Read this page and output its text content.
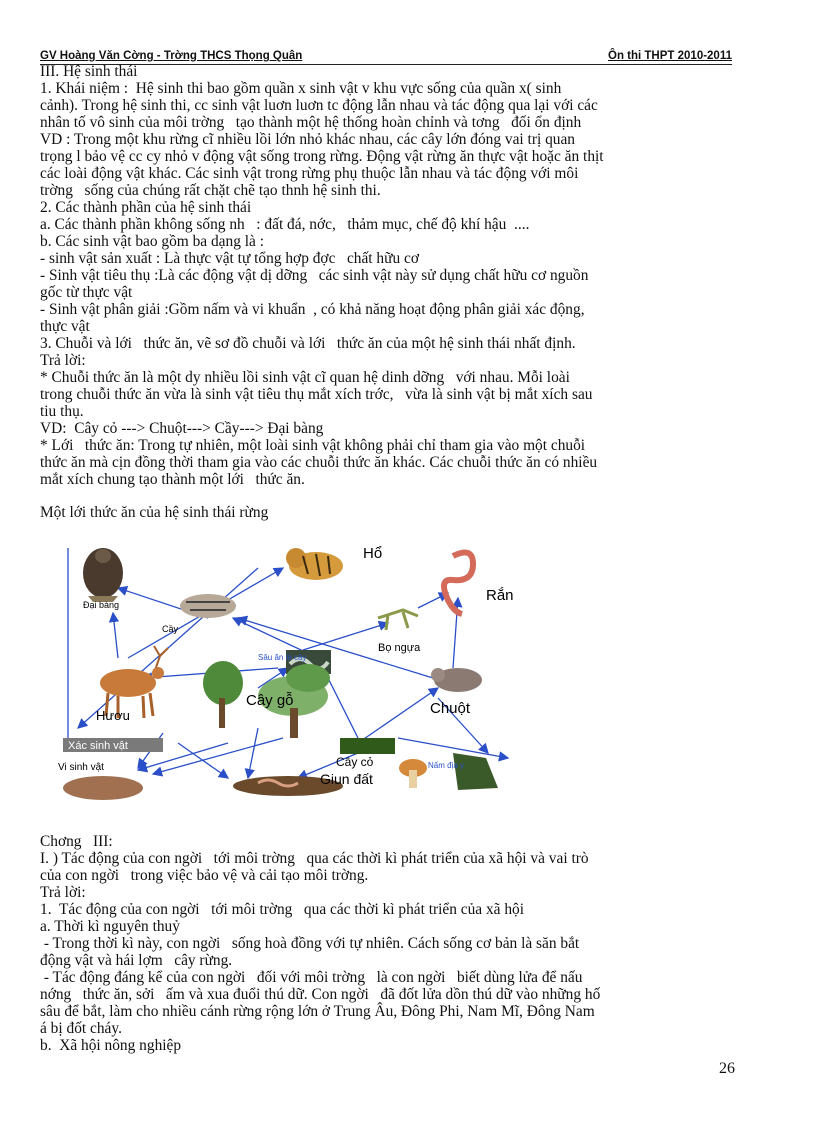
GV Hoàng Văn Cờng - Trờng THCS Thọng Quân	Ôn thi THPT 2010-2011

III. Hệ sinh thái

1. Khái niệm :  Hệ sinh thi bao gồm quần x sinh vật v khu vực sống của quần x( sinh

cảnh). Trong hệ sinh thi, cc sinh vật luơn luơn tc động lẫn nhau và tác động qua lại với các

nhân tố vô sinh của môi trờng   tạo thành một hệ thống hoàn chỉnh và tơng   đối ổn định

VD : Trong một khu rừng cĩ nhiều lồi lớn nhỏ khác nhau, các cây lớn đóng vai trị quan

trọng l bảo vệ cc cy nhỏ v động vật sống trong rừng. Động vật rừng ăn thực vật hoặc ăn thịt

các loài động vật khác. Các sinh vật trong rừng phụ thuộc lẫn nhau và tác động với môi

trờng   sống của chúng rất chặt chẽ tạo thnh hệ sinh thi.

2. Các thành phần của hệ sinh thái

a. Các thành phần không sống nh   : đất đá, nớc,   thảm mục, chế độ khí hậu  ....

b. Các sinh vật bao gồm ba dạng là :

- sinh vật sản xuất : Là thực vật tự tổng hợp đợc   chất hữu cơ

- Sinh vật tiêu thụ :Là các động vật dị dỡng   các sinh vật này sử dụng chất hữu cơ nguồn

gốc từ thực vật

- Sinh vật phân giải :Gồm nấm và vi khuẩn  , có khả năng hoạt động phân giải xác động,

thực vật

3. Chuỗi và lới   thức ăn, vẽ sơ đồ chuỗi và lới   thức ăn của một hệ sinh thái nhất định.

Trả lời:

* Chuỗi thức ăn là một dy nhiều lồi sinh vật cĩ quan hệ dinh dỡng   với nhau. Mỗi loài

trong chuỗi thức ăn vừa là sinh vật tiêu thụ mắt xích trớc,   vừa là sinh vật bị mắt xích sau

tiu thụ.

VD:  Cây cỏ ---> Chuột---> Cầy---> Đại bàng

* Lới   thức ăn: Trong tự nhiên, một loài sinh vật không phải chỉ tham gia vào một chuỗi

thức ăn mà cịn đồng thời tham gia vào các chuỗi thức ăn khác. Các chuỗi thức ăn có nhiều

mắt xích chung tạo thành một lới   thức ăn.

Một lới thức ăn của hệ sinh thái rừng
Đại bàng
Hổ
Rắn
Cầy
Bọ ngựa
Sâu ăn lá cây
Hươu
Cây gỗ	Chuột
Cây cỏ
Xác sinh vật
Vi sinh vật
Giun đất
Nấm địa y

Chơng   III:

I. ) Tác động của con ngời   tới môi trờng   qua các thời kì phát triển của xã hội và vai trò

của con ngời   trong việc bảo vệ và cải tạo môi trờng.

Trả lời:

1.  Tác động của con ngời   tới môi trờng   qua các thời kì phát triển của xã hội

a. Thời kì nguyên thuỷ

- Trong thời kì này, con ngời   sống hoà đồng với tự nhiên. Cách sống cơ bản là săn bắt

động vật và hái lợm   cây rừng.

- Tác động đáng kể của con ngời   đối với môi trờng   là con ngời   biết dùng lửa để nấu

nớng   thức ăn, sởi   ấm và xua đuổi thú dữ. Con ngời   đã đốt lửa dồn thú dữ vào những hố

sâu để bắt, làm cho nhiều cánh rừng rộng lớn ở Trung Âu, Đông Phi, Nam Mĩ, Đông Nam

á bị đốt cháy.

b.  Xã hội nông nghiệp

26
